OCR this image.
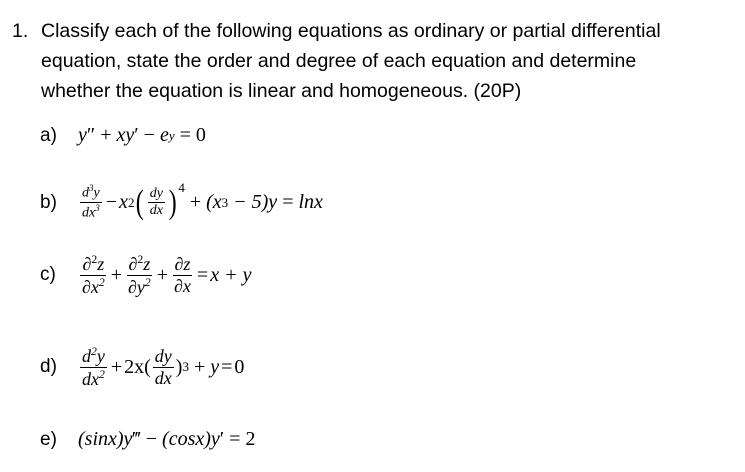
1. Classify each of the following equations as ordinary or partial differential
equation, state the order and degree of each equation and determine
whether the equation is linear and homogeneous. (20P)
a)	y ″ + xy ′ − e y = 0
b)	$\frac{d^3y}{dx^3} - x$ 2 ( $\frac{dy}{dx}$ ) 4
+ (x 3 − 5)y = lnx
c)	$\frac{\partial^2z}{\partial x^2} + \frac{\partial^2z}{\partial y^2} + \frac{\partial z}{\partial x} = x + y$
d)	$\frac{d^2y}{dx^2} + 2x( \frac{dy}{dx}$ ) 3 + y = 0
e)	(sinx)y ‴ − (cosx)y ′ = 2
